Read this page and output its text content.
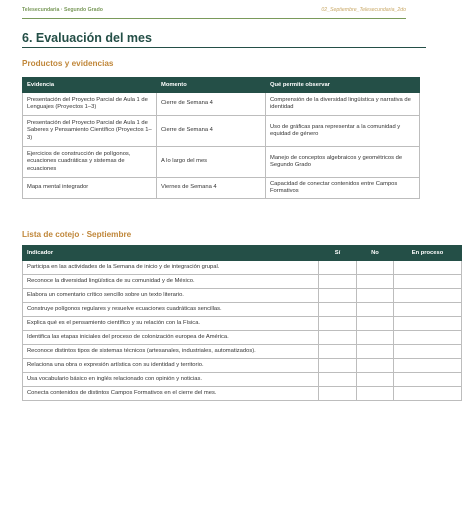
Telesecundaria · Segundo Grado	02_Septiembre_Telesecundaria_2do
6. Evaluación del mes
Productos y evidencias
Evidencia	Momento	Qué permite observar
Presentación del Proyecto Parcial de Aula 1 de Lenguajes (Proyectos 1–3)	Cierre de Semana 4	Comprensión de la diversidad lingüística y narrativa de identidad
Presentación del Proyecto Parcial de Aula 1 de Saberes y Pensamiento Científico (Proyectos 1–3)	Cierre de Semana 4	Uso de gráficas para representar a la comunidad y equidad de género
Ejercicios de construcción de polígonos, ecuaciones cuadráticas y sistemas de ecuaciones	A lo largo del mes	Manejo de conceptos algebraicos y geométricos de Segundo Grado
Mapa mental integrador	Viernes de Semana 4	Capacidad de conectar contenidos entre Campos Formativos
Lista de cotejo · Septiembre
Indicador	Sí	No	En proceso
Participa en las actividades de la Semana de inicio y de integración grupal.			
Reconoce la diversidad lingüística de su comunidad y de México.			
Elabora un comentario crítico sencillo sobre un texto literario.			
Construye polígonos regulares y resuelve ecuaciones cuadráticas sencillas.			
Explica qué es el pensamiento científico y su relación con la Física.			
Identifica las etapas iniciales del proceso de colonización europea de América.			
Reconoce distintos tipos de sistemas técnicos (artesanales, industriales, automatizados).			
Relaciona una obra o expresión artística con su identidad y territorio.			
Usa vocabulario básico en inglés relacionado con opinión y noticias.			
Conecta contenidos de distintos Campos Formativos en el cierre del mes.			
